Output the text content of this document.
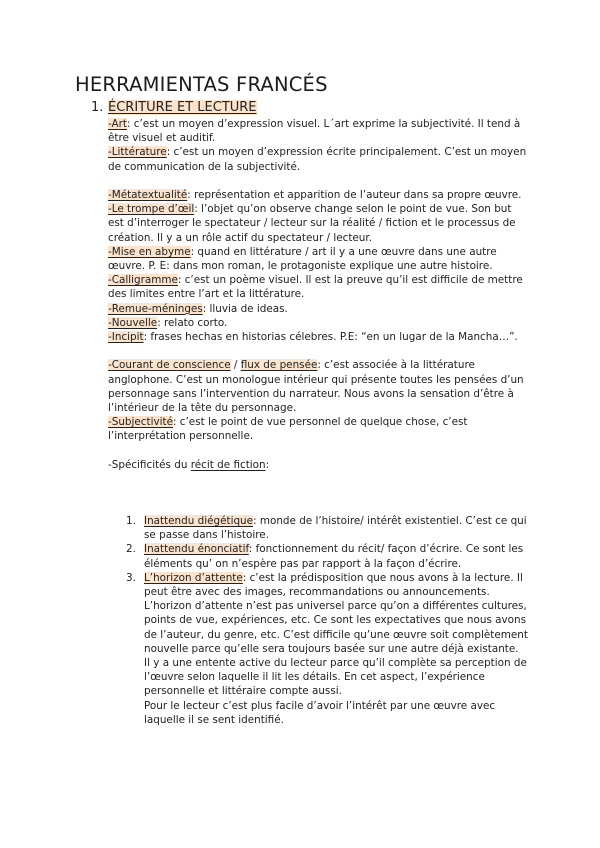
HERRAMIENTAS FRANCÉS
1. ÉCRITURE ET LECTURE
-Art: c’est un moyen d’expression visuel. L´art exprime la subjectivité. Il tend à être visuel et auditif.
-Littérature: c’est un moyen d’expression écrite principalement. C’est un moyen de communication de la subjectivité.
-Métatextualité: représentation et apparition de l’auteur dans sa propre œuvre.
-Le trompe d’œil: l’objet qu’on observe change selon le point de vue. Son but est d’interroger le spectateur / lecteur sur la réalité / fiction et le processus de création. Il y a un rôle actif du spectateur / lecteur.
-Mise en abyme: quand en littérature / art il y a une œuvre dans une autre œuvre. P. E: dans mon roman, le protagoniste explique une autre histoire.
-Calligramme: c’est un poème visuel. Il est la preuve qu’il est difficile de mettre des limites entre l’art et la littérature.
-Remue-méninges: lluvia de ideas.
-Nouvelle: relato corto.
-Incipit: frases hechas en historias célebres. P.E: “en un lugar de la Mancha…”.
-Courant de conscience / flux de pensée: c’est associée à la littérature anglophone. C’est un monologue intérieur qui présente toutes les pensées d’un personnage sans l’intervention du narrateur. Nous avons la sensation d’être à l’intérieur de la tête du personnage.
-Subjectivité: c’est le point de vue personnel de quelque chose, c’est l’interprétation personnelle.
-Spécificités du récit de fiction:
1. Inattendu diégétique: monde de l’histoire/ intérêt existentiel. C’est ce qui se passe dans l’histoire.
2. Inattendu énonciatif: fonctionnement du récit/ façon d’écrire. Ce sont les éléments qu’ on n’espère pas par rapport à la façon d’écrire.
3. L’horizon d’attente: c’est la prédisposition que nous avons à la lecture. Il peut être avec des images, recommandations ou announcements. L’horizon d’attente n’est pas universel parce qu’on a différentes cultures, points de vue, expériences, etc. Ce sont les expectatives que nous avons de l’auteur, du genre, etc. C’est difficile qu’une œuvre soit complètement nouvelle parce qu’elle sera toujours basée sur une autre déjà existante.
Il y a une entente active du lecteur parce qu’il complète sa perception de l’œuvre selon laquelle il lit les détails. En cet aspect, l’expérience personnelle et littéraire compte aussi.
Pour le lecteur c’est plus facile d’avoir l’intérêt par une œuvre avec laquelle il se sent identifié.
